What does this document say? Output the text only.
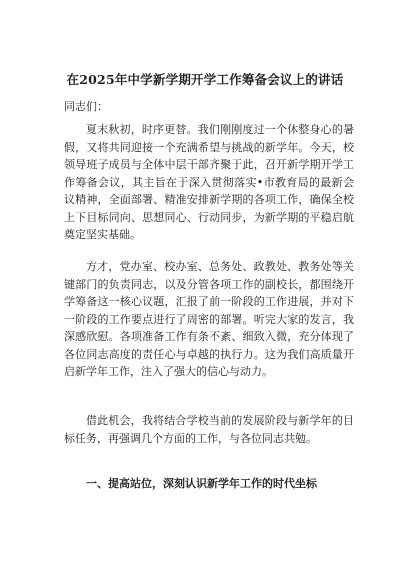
在2025年中学新学期开学工作筹备会议上的讲话
同志们：

夏末秋初，时序更替。我们刚刚度过一个休整身心的暑假，又将共同迎接一个充满希望与挑战的新学年。今天，校领导班子成员与全体中层干部齐聚于此，召开新学期开学工作筹备会议，其主旨在于深入贯彻落实•市教育局的最新会议精神，全面部署、精准安排新学期的各项工作，确保全校上下目标同向、思想同心、行动同步，为新学期的平稳启航奠定坚实基础。

方才，党办室、校办室、总务处、政教处、教务处等关键部门的负责同志，以及分管各项工作的副校长，都围绕开学筹备这一核心议题，汇报了前一阶段的工作进展，并对下一阶段的工作要点进行了周密的部署。听完大家的发言，我深感欣慰。各项准备工作有条不紊、细致入微，充分体现了各位同志高度的责任心与卓越的执行力。这为我们高质量开启新学年工作，注入了强大的信心与动力。

借此机会，我将结合学校当前的发展阶段与新学年的目标任务，再强调几个方面的工作，与各位同志共勉。

一、提高站位，深刻认识新学年工作的时代坐标
